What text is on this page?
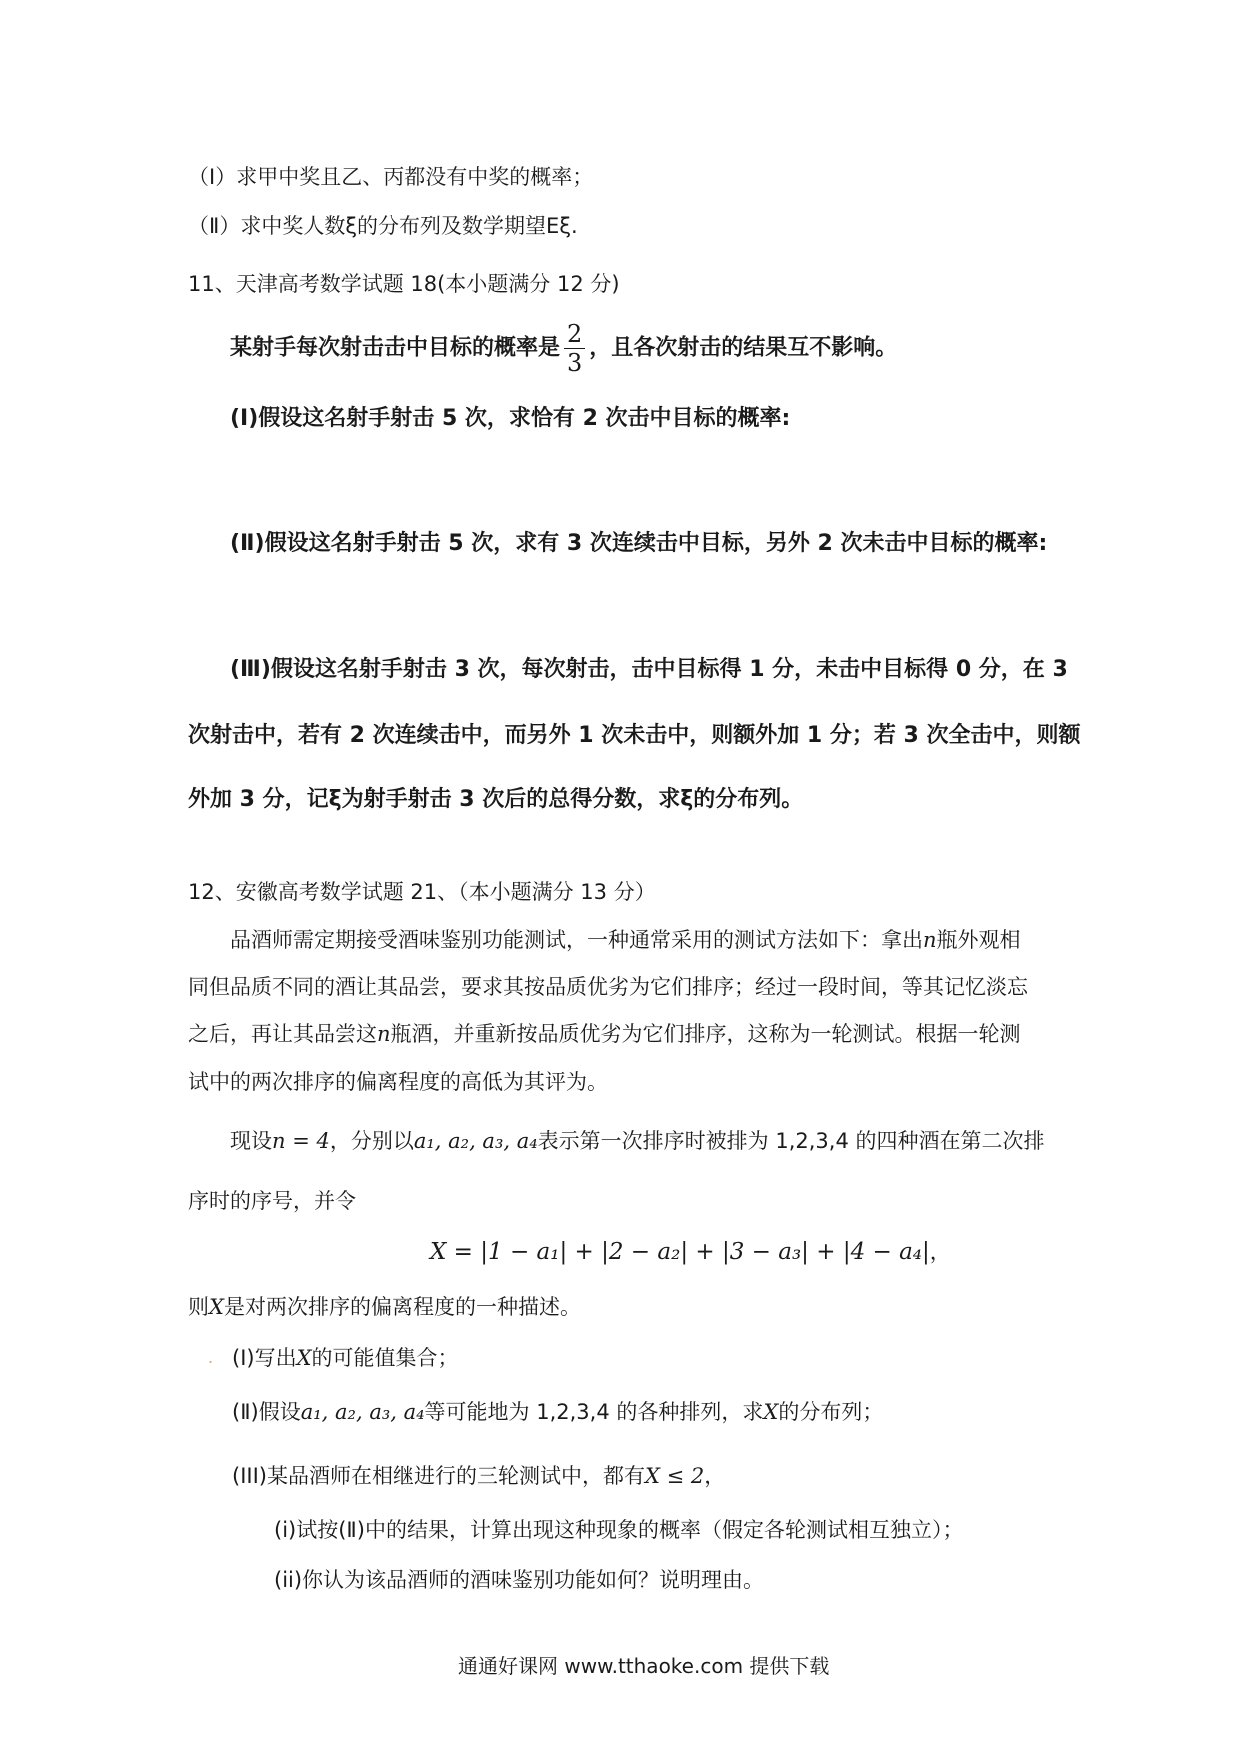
（Ⅰ）求甲中奖且乙、丙都没有中奖的概率；
（Ⅱ）求中奖人数ξ的分布列及数学期望Eξ.
11、天津高考数学试题 18(本小题满分 12 分)
某射手每次射击击中目标的概率是 $\frac{2}{3}$ ，且各次射击的结果互不影响。
(Ⅰ)假设这名射手射击 5 次，求恰有 2 次击中目标的概率:
(Ⅱ)假设这名射手射击 5 次，求有 3 次连续击中目标，另外 2 次未击中目标的概率:
(Ⅲ)假设这名射手射击 3 次，每次射击，击中目标得 1 分，未击中目标得 0 分，在 3
次射击中，若有 2 次连续击中，而另外 1 次未击中，则额外加 1 分；若 3 次全击中，则额
外加 3 分，记ξ为射手射击 3 次后的总得分数，求ξ的分布列。
12、安徽高考数学试题 21、（本小题满分 13 分）
品酒师需定期接受酒味鉴别功能测试，一种通常采用的测试方法如下：拿出n瓶外观相
同但品质不同的酒让其品尝，要求其按品质优劣为它们排序；经过一段时间，等其记忆淡忘
之后，再让其品尝这n瓶酒，并重新按品质优劣为它们排序，这称为一轮测试。根据一轮测
试中的两次排序的偏离程度的高低为其评为。
现设n = 4，分别以a₁, a₂, a₃, a₄表示第一次排序时被排为 1,2,3,4 的四种酒在第二次排
序时的序号，并令
X = |1 − a₁| + |2 − a₂| + |3 − a₃| + |4 − a₄|，
则X是对两次排序的偏离程度的一种描述。
. (Ⅰ)写出X的可能值集合；
(Ⅱ)假设a₁, a₂, a₃, a₄等可能地为 1,2,3,4 的各种排列，求X的分布列；
(III)某品酒师在相继进行的三轮测试中，都有X ≤ 2，
(i)试按(Ⅱ)中的结果，计算出现这种现象的概率（假定各轮测试相互独立）；
(ii)你认为该品酒师的酒味鉴别功能如何？说明理由。
通通好课网 www.tthaoke.com 提供下载
